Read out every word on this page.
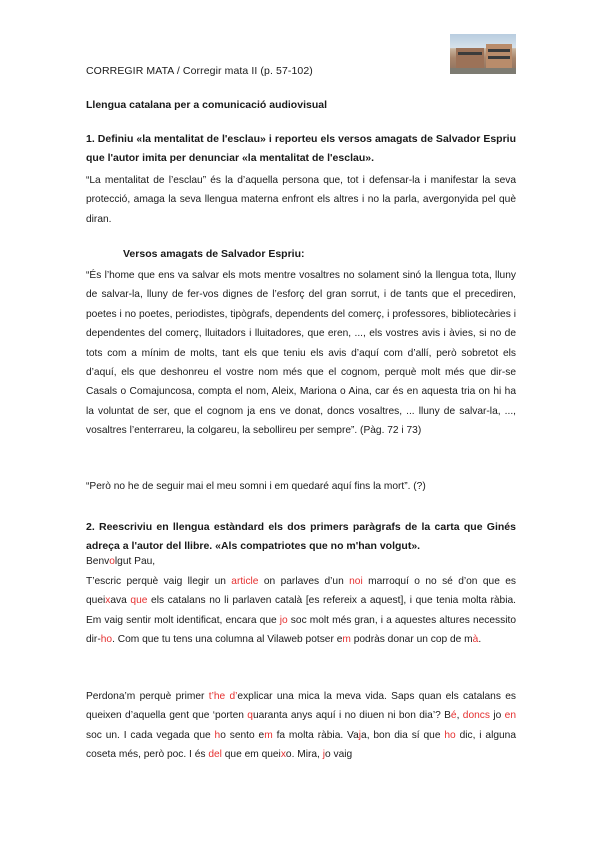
CORREGIR MATA / Corregir mata II (p. 57-102)
Llengua catalana per a comunicació audiovisual
1. Definiu «la mentalitat de l'esclau» i reporteu els versos amagats de Salvador Espriu que l'autor imita per denunciar «la mentalitat de l'esclau».
“La mentalitat de l’esclau” és la d’aquella persona que, tot i defensar-la i manifestar la seva protecció, amaga la seva llengua materna enfront els altres i no la parla, avergonyida pel què diran.
Versos amagats de Salvador Espriu:
“És l’home que ens va salvar els mots mentre vosaltres no solament sinó la llengua tota, lluny de salvar-la, lluny de fer-vos dignes de l’esforç del gran sorrut, i de tants que el precediren, poetes i no poetes, periodistes, tipògrafs, dependents del comerç, i professores, bibliotecàries i dependentes del comerç, lluitadors i lluitadores, que eren, ..., els vostres avis i àvies, si no de tots com a mínim de molts, tant els que teniu els avis d’aquí com d’allí, però sobretot els d’aquí, els que deshonreu el vostre nom més que el cognom, perquè molt més que dir-se Casals o Comajuncosa, compta el nom, Aleix, Mariona o Aina, car és en aquesta tria on hi ha la voluntat de ser, que el cognom ja ens ve donat, doncs vosaltres, ... lluny de salvar-la, ..., vosaltres l’enterrareu, la colgareu, la sebollireu per sempre”. (Pàg. 72 i 73)
“Però no he de seguir mai el meu somni i em quedaré aquí fins la mort”. (?)
2. Reescriviu en llengua estàndard els dos primers paràgrafs de la carta que Ginés adreça a l'autor del llibre. «Als compatriotes que no m'han volgut».
Benvolgut Pau,
T’escric perquè vaig llegir un article on parlaves d’un noi marroquí o no sé d’on que es queixava que els catalans no li parlaven català [es refereix a aquest], i que tenia molta ràbia. Em vaig sentir molt identificat, encara que jo soc molt més gran, i a aquestes altures necessito dir-ho. Com que tu tens una columna al Vilaweb potser em podràs donar un cop de mà.
Perdona’m perquè primer t’he d’explicar una mica la meva vida. Saps quan els catalans es queixen d’aquella gent que ‘porten quaranta anys aquí i no diuen ni bon dia’? Bé, doncs jo en soc un. I cada vegada que ho sento em fa molta ràbia. Vaja, bon dia sí que ho dic, i alguna coseta més, però poc. I és del que em queixo. Mira, jo vaig
